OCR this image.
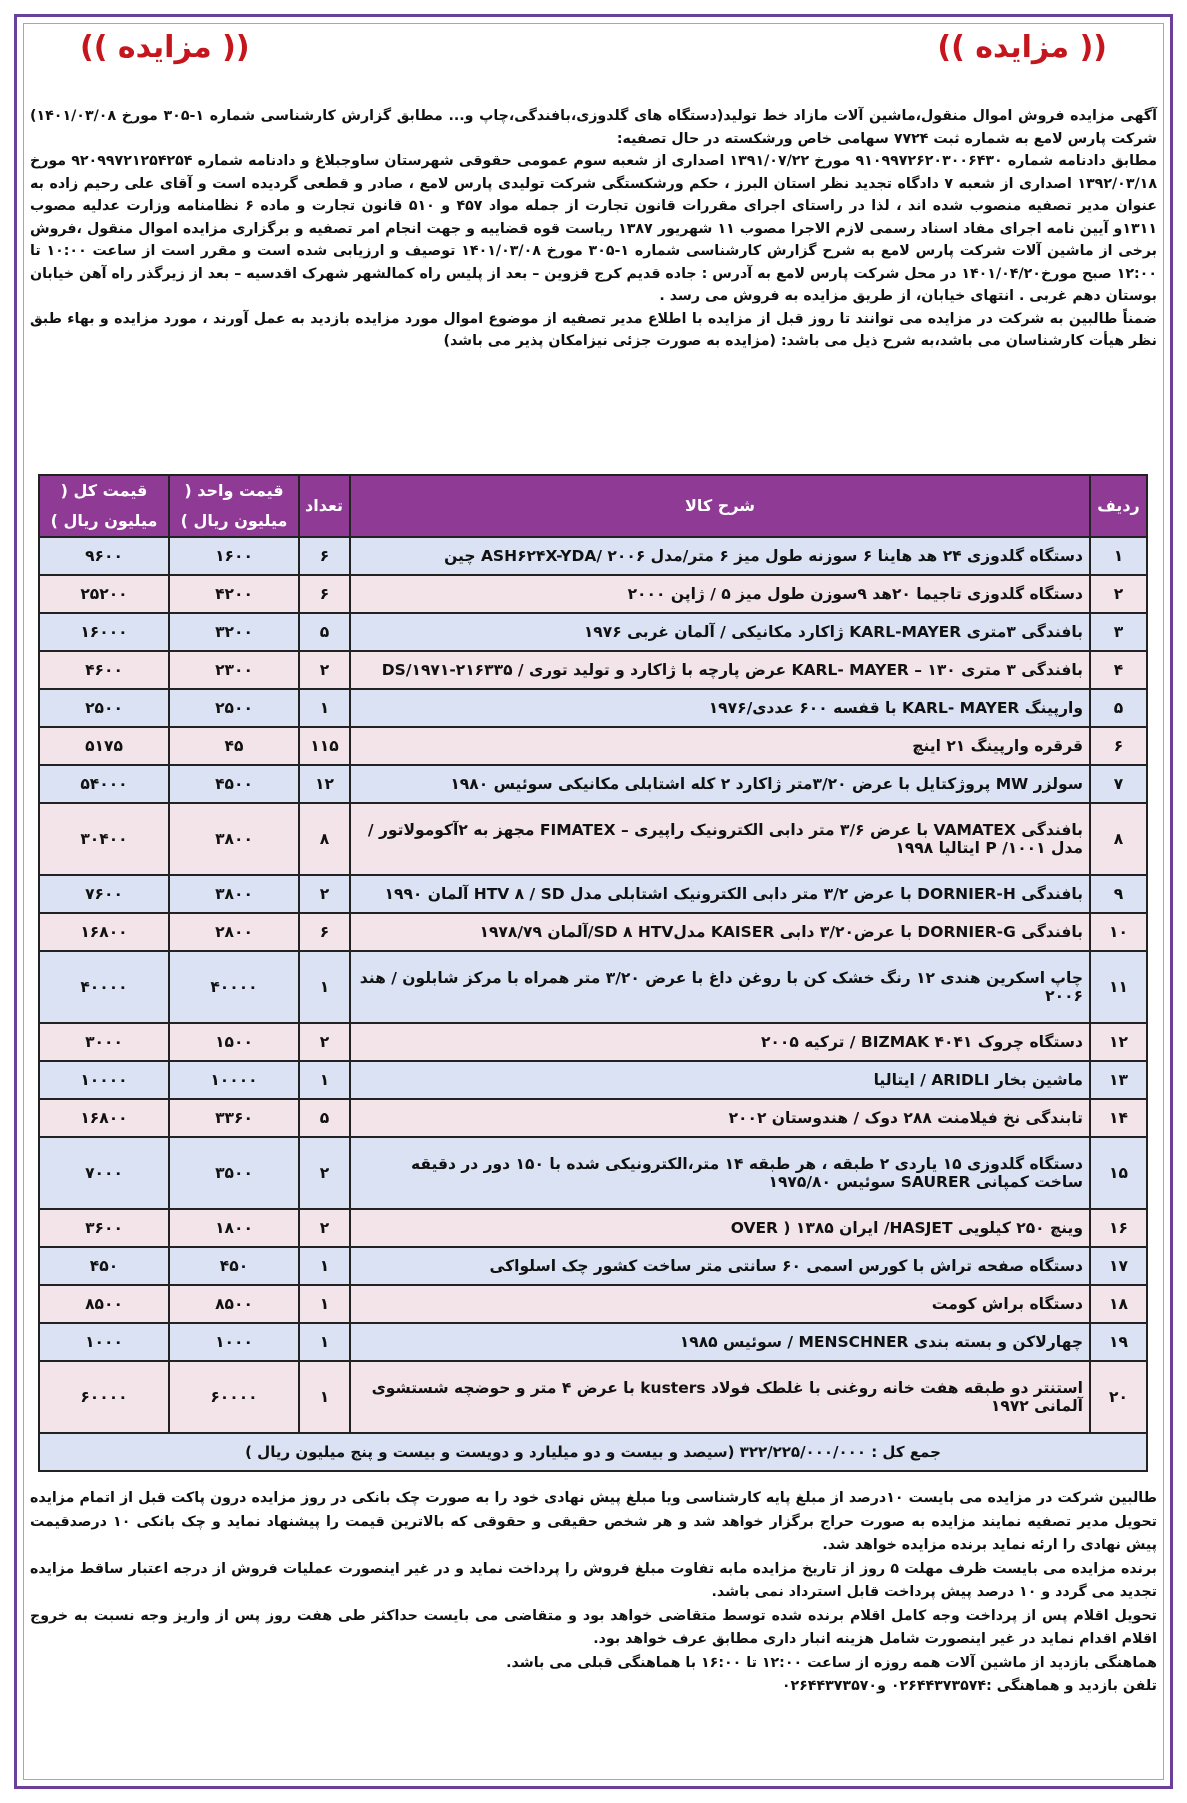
(( مزایده ))
(( مزایده ))

آگهی مزایده فروش اموال منقول،ماشین آلات مازاد خط تولید(دستگاه های گلدوزی،بافندگی،چاپ و... مطابق گزارش کارشناسی شماره ۱-۳۰۵ مورخ ۱۴۰۱/۰۳/۰۸) شرکت پارس لامع به شماره ثبت ۷۷۲۴ سهامی خاص ورشکسته در حال تصفیه:

مطابق دادنامه شماره ۹۱۰۹۹۷۲۶۲۰۳۰۰۶۴۳۰ مورخ ۱۳۹۱/۰۷/۲۲ اصداری از شعبه سوم عمومی حقوقی شهرستان ساوجبلاغ و دادنامه شماره ۹۲۰۹۹۷۲۱۲۵۴۲۵۴ مورخ ۱۳۹۲/۰۳/۱۸ اصداری از شعبه ۷ دادگاه تجدید نظر استان البرز ، حکم ورشکستگی شرکت تولیدی پارس لامع ، صادر و قطعی گردیده است و آقای علی رحیم زاده به عنوان مدیر تصفیه منصوب شده اند ، لذا در راستای اجرای مقررات قانون تجارت از جمله مواد ۴۵۷ و ۵۱۰ قانون تجارت و ماده ۶ نظامنامه وزارت عدلیه مصوب ۱۳۱۱و آیین نامه اجرای مفاد اسناد رسمی لازم الاجرا مصوب ۱۱ شهریور ۱۳۸۷ ریاست قوه قضاییه و جهت انجام امر تصفیه و برگزاری مزایده اموال منقول ،فروش برخی از ماشین آلات شرکت پارس لامع به شرح گزارش کارشناسی شماره ۱-۳۰۵ مورخ ۱۴۰۱/۰۳/۰۸ توصیف و ارزیابی شده است و مقرر است از ساعت ۱۰:۰۰ تا ۱۲:۰۰ صبح مورخ۱۴۰۱/۰۴/۲۰ در محل شرکت پارس لامع به آدرس : جاده قدیم کرج قزوین – بعد از پلیس راه کمالشهر شهرک اقدسیه – بعد از زیرگذر راه آهن خیابان بوستان دهم غربی . انتهای خیابان، از طریق مزایده به فروش می رسد .

ضمناً طالبین به شرکت در مزایده می توانند تا روز قبل از مزایده با اطلاع مدیر تصفیه از موضوع اموال مورد مزایده بازدید به عمل آورند ، مورد مزایده و بهاء طبق نظر هیأت کارشناسان می باشد،به شرح ذیل می باشد: (مزایده به صورت جزئی نیزامکان پذیر می باشد)

ردیف	شرح کالا	تعداد	قیمت واحد ( میلیون ریال )	قیمت کل ( میلیون ریال )
۱	دستگاه گلدوزی ۲۴ هد هاینا ۶ سوزنه طول میز ۶ متر/مدل ASH۶۲۴X-YDA/ ۲۰۰۶ چین	۶	۱۶۰۰	۹۶۰۰
۲	دستگاه گلدوزی تاجیما ۲۰هد ۹سوزن طول میز ۵ / ژاپن ۲۰۰۰	۶	۴۲۰۰	۲۵۲۰۰
۳	بافندگی ۳متری KARL-MAYER ژاکارد مکانیکی / آلمان غربی ۱۹۷۶	۵	۳۲۰۰	۱۶۰۰۰
۴	بافندگی ۳ متری KARL- MAYER – ۱۳۰ عرض پارچه با ژاکارد و تولید توری / DS/۱۹۷۱-۲۱۶۳۳۵	۲	۲۳۰۰	۴۶۰۰
۵	وارپینگ KARL- MAYER با قفسه ۶۰۰ عددی/۱۹۷۶	۱	۲۵۰۰	۲۵۰۰
۶	قرقره وارپینگ ۲۱ اینچ	۱۱۵	۴۵	۵۱۷۵
۷	سولزر MW پروژکتایل با عرض ۳/۲۰متر ژاکارد ۲ کله اشتابلی مکانیکی سوئیس ۱۹۸۰	۱۲	۴۵۰۰	۵۴۰۰۰
۸	بافندگی VAMATEX با عرض ۳/۶ متر دابی الکترونیک راپیری – FIMATEX مجهز به ۲آکومولاتور / مدل ۱۰۰۱/ P ایتالیا ۱۹۹۸	۸	۳۸۰۰	۳۰۴۰۰
۹	بافندگی DORNIER-H با عرض ۳/۲ متر دابی الکترونیک اشتابلی مدل HTV ۸ / SD آلمان ۱۹۹۰	۲	۳۸۰۰	۷۶۰۰
۱۰	بافندگی DORNIER-G با عرض۳/۲۰ دابی KAISER مدلSD ۸ HTV/آلمان ۱۹۷۸/۷۹	۶	۲۸۰۰	۱۶۸۰۰
۱۱	چاپ اسکرین هندی ۱۲ رنگ خشک کن با روغن داغ با عرض ۳/۲۰ متر همراه با مرکز شابلون / هند ۲۰۰۶	۱	۴۰۰۰۰	۴۰۰۰۰
۱۲	دستگاه چروک BIZMAK ۴۰۴۱ / ترکیه ۲۰۰۵	۲	۱۵۰۰	۳۰۰۰
۱۳	ماشین بخار ARIDLI / ایتالیا	۱	۱۰۰۰۰	۱۰۰۰۰
۱۴	تابندگی نخ فیلامنت ۲۸۸ دوک / هندوستان ۲۰۰۲	۵	۳۳۶۰	۱۶۸۰۰
۱۵	دستگاه گلدوزی ۱۵ یاردی ۲ طبقه ، هر طبقه ۱۴ متر،الکترونیکی شده با ۱۵۰ دور در دقیقه ساخت کمپانی SAURER سوئیس ۱۹۷۵/۸۰	۲	۳۵۰۰	۷۰۰۰
۱۶	وینچ ۲۵۰ کیلویی HASJET/ ایران ۱۳۸۵ ( OVER	۲	۱۸۰۰	۳۶۰۰
۱۷	دستگاه صفحه تراش با کورس اسمی ۶۰ سانتی متر ساخت کشور چک اسلواکی	۱	۴۵۰	۴۵۰
۱۸	دستگاه براش کومت	۱	۸۵۰۰	۸۵۰۰
۱۹	چهارلاکن و بسته بندی MENSCHNER / سوئیس ۱۹۸۵	۱	۱۰۰۰	۱۰۰۰
۲۰	استنتر دو طبقه هفت خانه روغنی با غلطک فولاد kusters با عرض ۴ متر و حوضچه شستشوی آلمانی ۱۹۷۲	۱	۶۰۰۰۰	۶۰۰۰۰
جمع کل : ۳۲۲/۲۲۵/۰۰۰/۰۰۰ (سیصد و بیست و دو میلیارد و دویست و بیست و پنج میلیون ریال )				

طالبین شرکت در مزایده می بایست ۱۰درصد از مبلغ پایه کارشناسی ویا مبلغ پیش نهادی خود را به صورت چک بانکی در روز مزایده درون پاکت قبل از اتمام مزایده تحویل مدیر تصفیه نمایند مزایده به صورت حراج برگزار خواهد شد و هر شخص حقیقی و حقوقی که بالاترین قیمت را پیشنهاد نماید و چک بانکی ۱۰ درصدقیمت پیش نهادی را ارئه نماید برنده مزایده خواهد شد.

برنده مزایده می بایست ظرف مهلت ۵ روز از تاریخ مزایده مابه تفاوت مبلغ فروش را پرداخت نماید و در غیر اینصورت عملیات فروش از درجه اعتبار ساقط مزایده تجدید می گردد و ۱۰ درصد پیش پرداخت قابل استرداد نمی باشد.

تحویل اقلام پس از پرداخت وجه کامل اقلام برنده شده توسط متقاضی خواهد بود و متقاضی می بایست حداکثر طی هفت روز پس از واریز وجه نسبت به خروج اقلام اقدام نماید در غیر اینصورت شامل هزینه انبار داری مطابق عرف خواهد بود.

هماهنگی بازدید از ماشین آلات همه روزه از ساعت ۱۲:۰۰ تا ۱۶:۰۰ با هماهنگی قبلی می باشد.

تلفن بازدید و هماهنگی :۰۲۶۴۴۳۷۳۵۷۴ و۰۲۶۴۴۳۷۳۵۷۰
